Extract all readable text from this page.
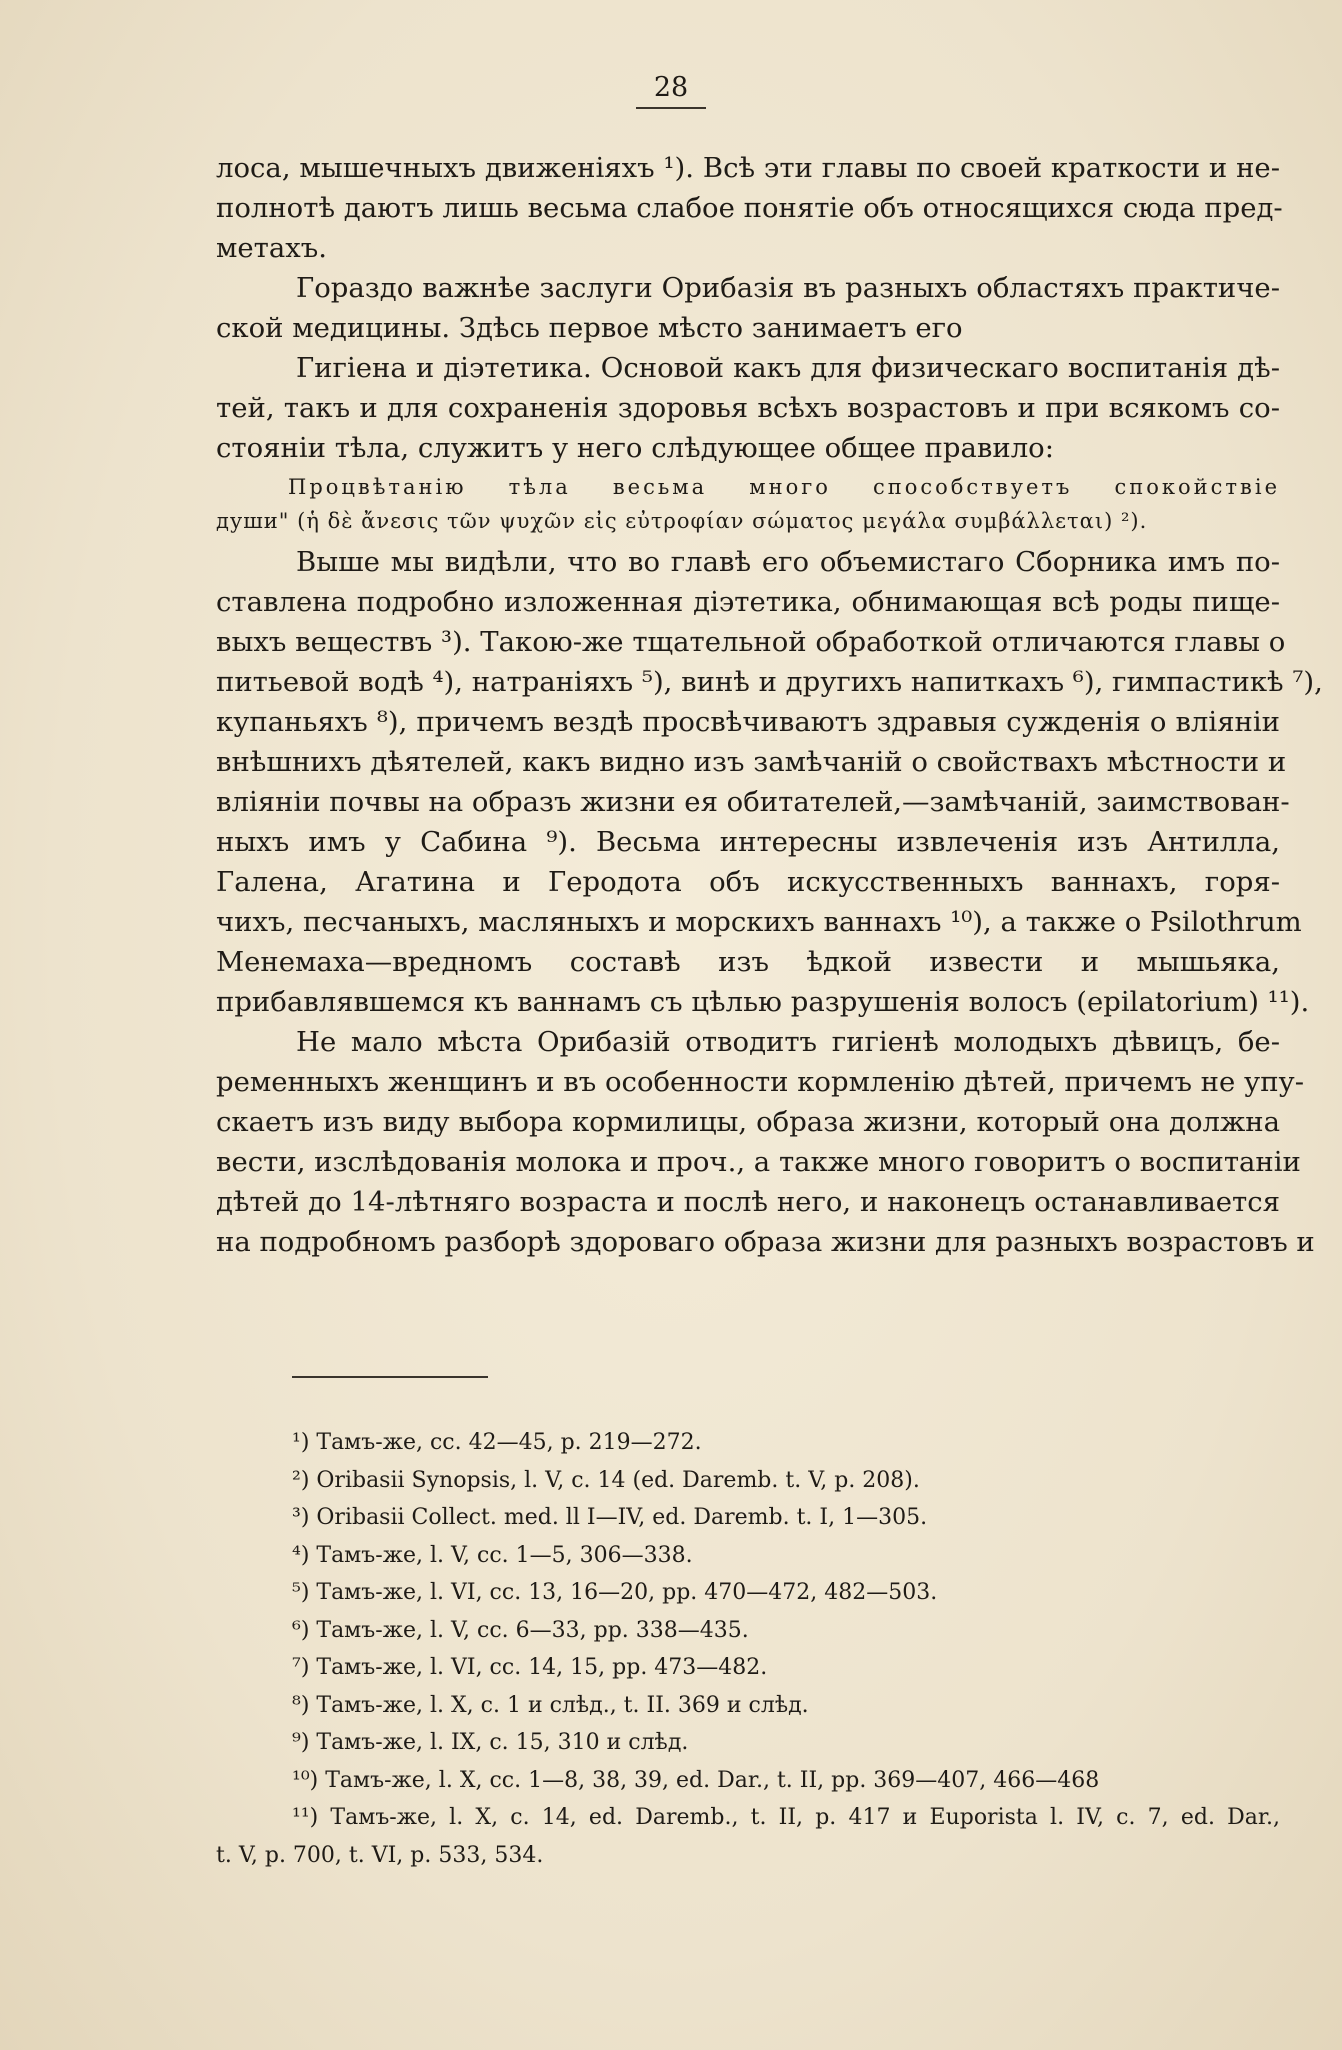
28
лоса, мышечныхъ движеніяхъ ¹). Всѣ эти главы по своей краткости и не-
полнотѣ даютъ лишь весьма слабое понятіе объ относящихся сюда пред-
метахъ.
Гораздо важнѣе заслуги Орибазія въ разныхъ областяхъ практиче-
ской медицины. Здѣсь первое мѣсто занимаетъ его
Гигіена и діэтетика. Основой какъ для физическаго воспитанія дѣ-
тей, такъ и для сохраненія здоровья всѣхъ возрастовъ и при всякомъ со-
стояніи тѣла, служитъ у него слѣдующее общее правило:
Процвѣтанію тѣла весьма много способствуетъ спокойствіе
души" (ἡ δὲ ἄνεσις τῶν ψυχῶν εἰς εὐτροφίαν σώματος μεγάλα συμβάλλεται) ²).
Выше мы видѣли, что во главѣ его объемистаго Сборника имъ по-
ставлена подробно изложенная діэтетика, обнимающая всѣ роды пище-
выхъ веществъ ³). Такою-же тщательной обработкой отличаются главы о
питьевой водѣ ⁴), натраніяхъ ⁵), винѣ и другихъ напиткахъ ⁶), гимпастикѣ ⁷),
купаньяхъ ⁸), причемъ вездѣ просвѣчиваютъ здравыя сужденія о вліяніи
внѣшнихъ дѣятелей, какъ видно изъ замѣчаній о свойствахъ мѣстности и
вліяніи почвы на образъ жизни ея обитателей,—замѣчаній, заимствован-
ныхъ имъ у Сабина ⁹). Весьма интересны извлеченія изъ Антилла,
Галена, Агатина и Геродота объ искусственныхъ ваннахъ, горя-
чихъ, песчаныхъ, масляныхъ и морскихъ ваннахъ ¹⁰), а также о Psilothrum
Менемаха—вредномъ составѣ изъ ѣдкой извести и мышьяка,
прибавлявшемся къ ваннамъ съ цѣлью разрушенія волосъ (epilatorium) ¹¹).
Не мало мѣста Орибазій отводитъ гигіенѣ молодыхъ дѣвицъ, бе-
ременныхъ женщинъ и въ особенности кормленію дѣтей, причемъ не упу-
скаетъ изъ виду выбора кормилицы, образа жизни, который она должна
вести, изслѣдованія молока и проч., а также много говоритъ о воспитаніи
дѣтей до 14-лѣтняго возраста и послѣ него, и наконецъ останавливается
на подробномъ разборѣ здороваго образа жизни для разныхъ возрастовъ и
¹) Тамъ-же, сс. 42—45, р. 219—272.
²) Oribasii Synopsis, l. V, c. 14 (ed. Daremb. t. V, p. 208).
³) Oribasii Collect. med. ll I—IV, ed. Daremb. t. I, 1—305.
⁴) Тамъ-же, l. V, cc. 1—5, 306—338.
⁵) Тамъ-же, l. VI, cc. 13, 16—20, pp. 470—472, 482—503.
⁶) Тамъ-же, l. V, cc. 6—33, pp. 338—435.
⁷) Тамъ-же, l. VI, cc. 14, 15, pp. 473—482.
⁸) Тамъ-же, l. X, c. 1 и слѣд., t. II. 369 и слѣд.
⁹) Тамъ-же, l. IX, c. 15, 310 и слѣд.
¹⁰) Тамъ-же, l. X, cc. 1—8, 38, 39, ed. Dar., t. II, pp. 369—407, 466—468
¹¹) Тамъ-же, l. X, c. 14, ed. Daremb., t. II, p. 417 и Euporista l. IV, c. 7, ed. Dar.,
t. V, p. 700, t. VI, p. 533, 534.
